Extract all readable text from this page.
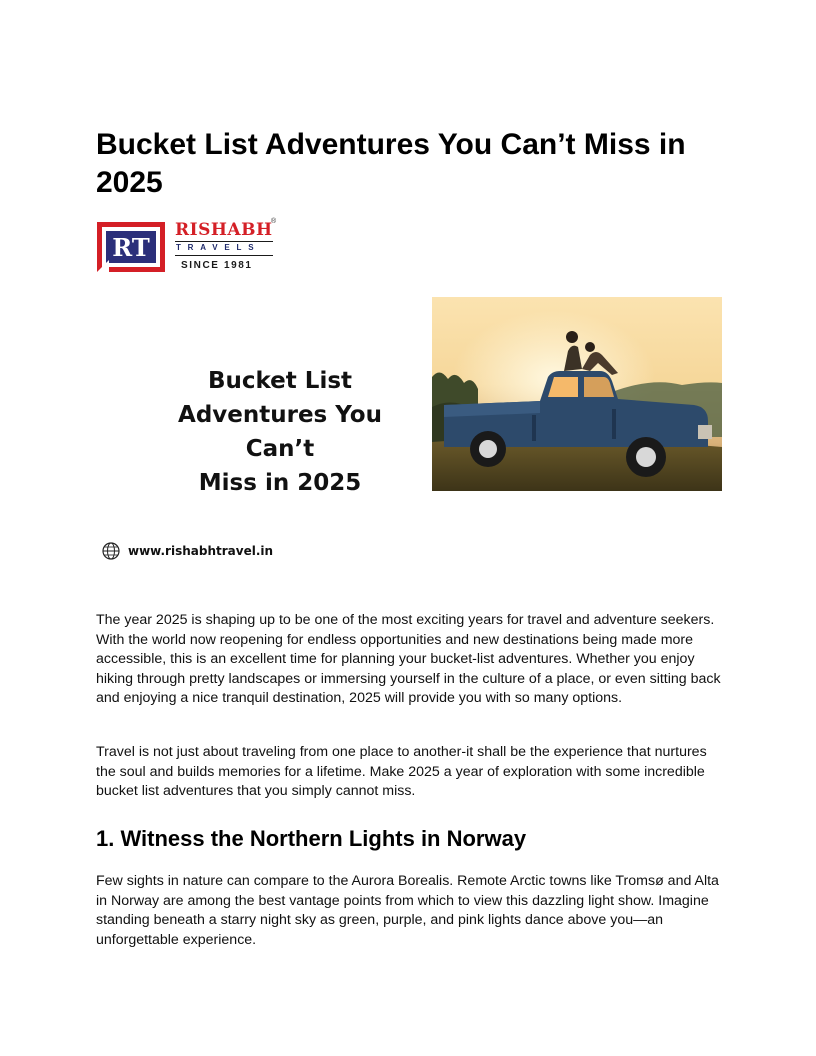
Bucket List Adventures You Can’t Miss in 2025
RT
RISHABH
®
TRAVELS
SINCE 1981
Bucket List
Adventures You Can’t
Miss in 2025
www.rishabhtravel.in

The year 2025 is shaping up to be one of the most exciting years for travel and adventure seekers. With the world now reopening for endless opportunities and new destinations being made more accessible, this is an excellent time for planning your bucket-list adventures. Whether you enjoy hiking through pretty landscapes or immersing yourself in the culture of a place, or even sitting back and enjoying a nice tranquil destination, 2025 will provide you with so many options.

Travel is not just about traveling from one place to another-it shall be the experience that nurtures the soul and builds memories for a lifetime. Make 2025 a year of exploration with some incredible bucket list adventures that you simply cannot miss.

1. Witness the Northern Lights in Norway

Few sights in nature can compare to the Aurora Borealis. Remote Arctic towns like Tromsø and Alta in Norway are among the best vantage points from which to view this dazzling light show. Imagine standing beneath a starry night sky as green, purple, and pink lights dance above you—an unforgettable experience.
